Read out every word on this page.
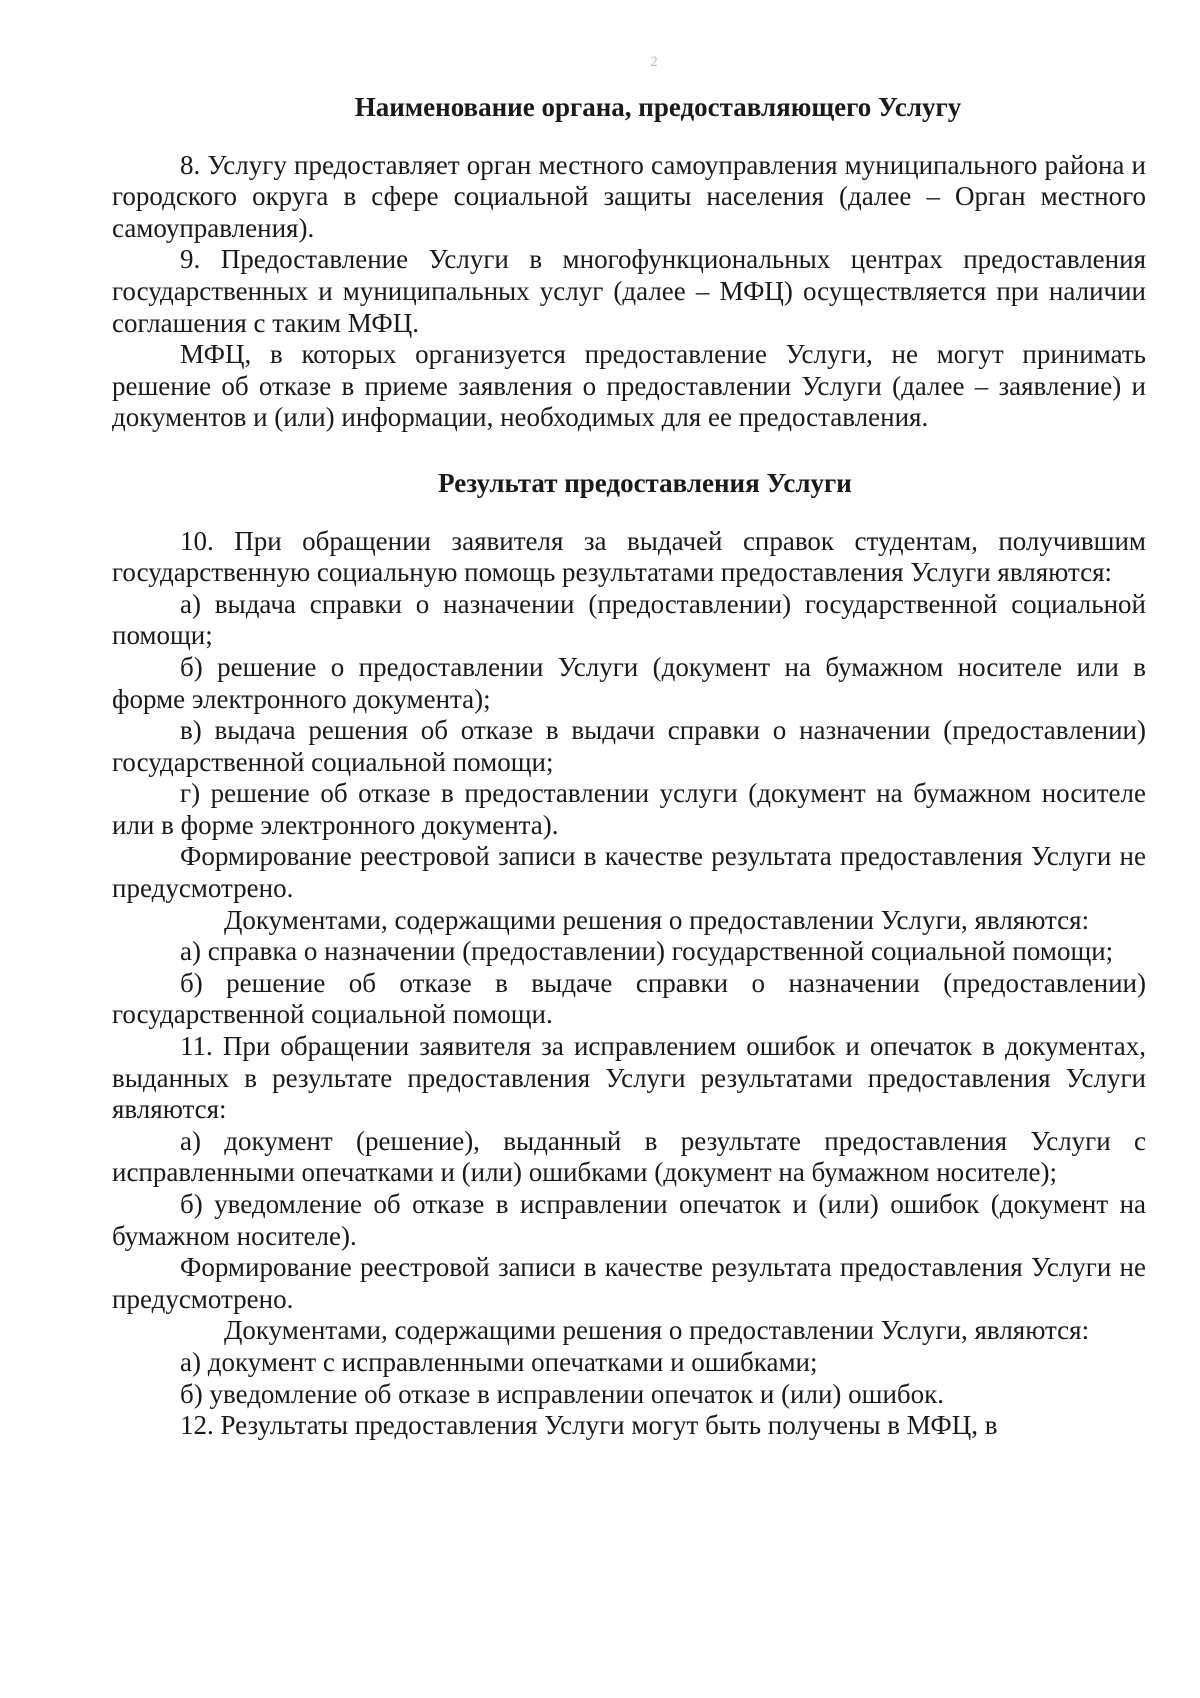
2
Наименование органа, предоставляющего Услугу

8. Услугу предоставляет орган местного самоуправления муниципального района и городского округа в сфере социальной защиты населения (далее – Орган местного самоуправления).

9. Предоставление Услуги в многофункциональных центрах предоставления государственных и муниципальных услуг (далее – МФЦ) осуществляется при наличии соглашения с таким МФЦ.

МФЦ, в которых организуется предоставление Услуги, не могут принимать решение об отказе в приеме заявления о предоставлении Услуги (далее – заявление) и документов и (или) информации, необходимых для ее предоставления.

Результат предоставления Услуги

10. При обращении заявителя за выдачей справок студентам, получившим государственную социальную помощь результатами предоставления Услуги являются:

а) выдача справки о назначении (предоставлении) государственной социальной помощи;

б) решение о предоставлении Услуги (документ на бумажном носителе или в форме электронного документа);

в) выдача решения об отказе в выдачи справки о назначении (предоставлении) государственной социальной помощи;

г) решение об отказе в предоставлении услуги (документ на бумажном носителе или в форме электронного документа).

Формирование реестровой записи в качестве результата предоставления Услуги не предусмотрено.

Документами, содержащими решения о предоставлении Услуги, являются:

а) справка о назначении (предоставлении) государственной социальной помощи;

б) решение об отказе в выдаче справки о назначении (предоставлении) государственной социальной помощи.

11. При обращении заявителя за исправлением ошибок и опечаток в документах, выданных в результате предоставления Услуги результатами предоставления Услуги являются:

а) документ (решение), выданный в результате предоставления Услуги с исправленными опечатками и (или) ошибками (документ на бумажном носителе);

б) уведомление об отказе в исправлении опечаток и (или) ошибок (документ на бумажном носителе).

Формирование реестровой записи в качестве результата предоставления Услуги не предусмотрено.

Документами, содержащими решения о предоставлении Услуги, являются:

а) документ с исправленными опечатками и ошибками;

б) уведомление об отказе в исправлении опечаток и (или) ошибок.

12. Результаты предоставления Услуги могут быть получены в МФЦ, в
